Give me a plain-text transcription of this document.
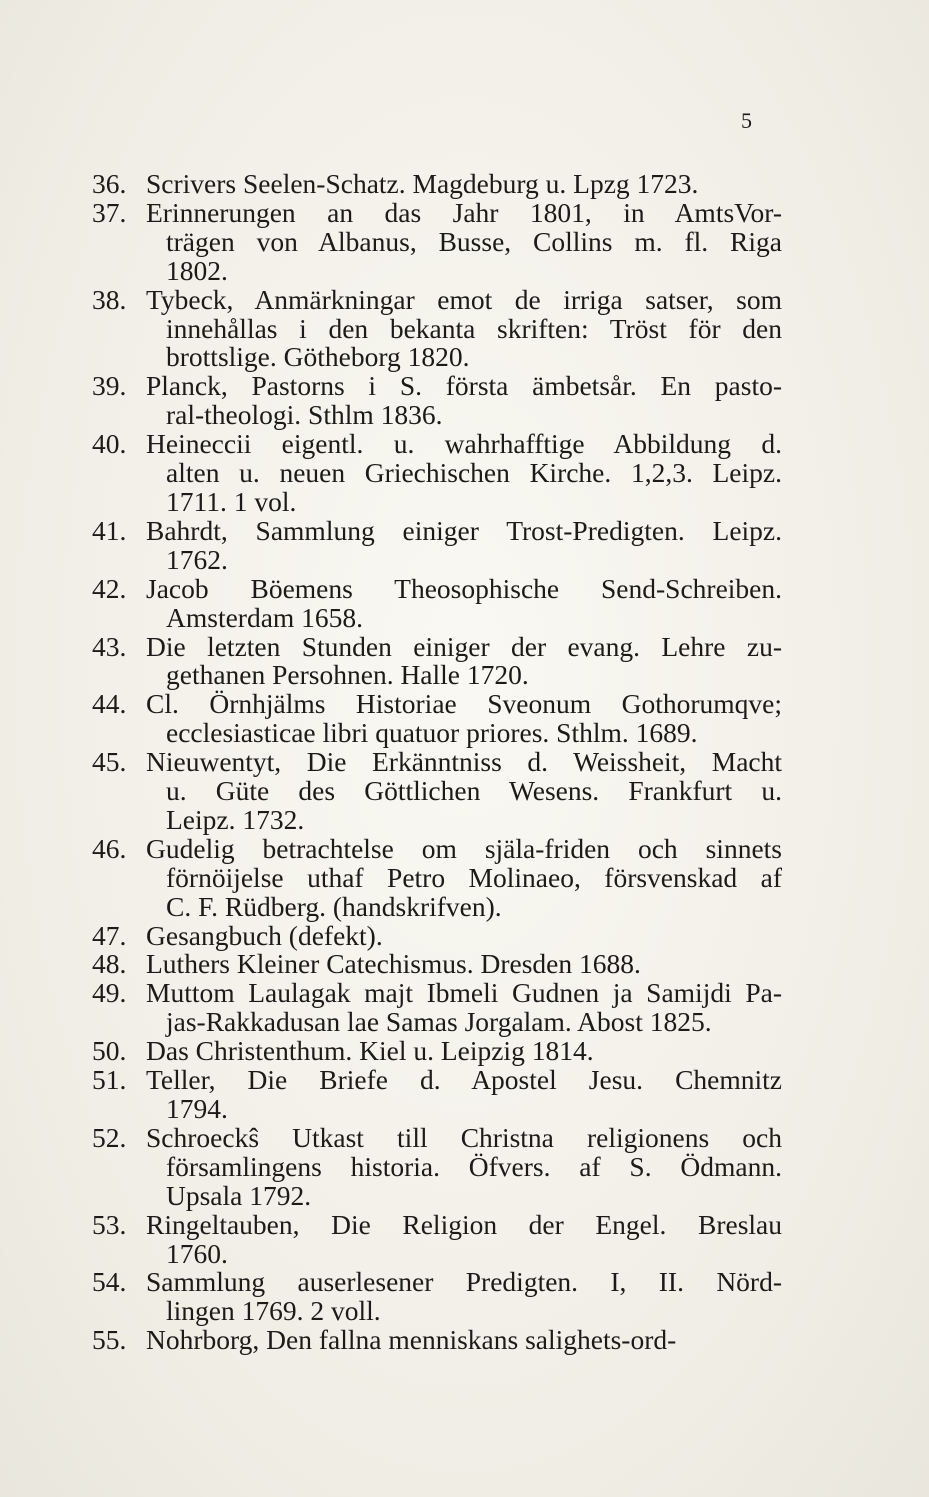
5
36. Scrivers Seelen-Schatz. Magdeburg u. Lpzg 1723.
37. Erinnerungen an das Jahr 1801, in AmtsVor-
trägen von Albanus, Busse, Collins m. fl. Riga
1802.
38. Tybeck, Anmärkningar emot de irriga satser, som
innehållas i den bekanta skriften: Tröst för den
brottslige. Götheborg 1820.
39. Planck, Pastorns i S. första ämbetsår. En pasto-
ral-theologi. Sthlm 1836.
40. Heineccii eigentl. u. wahrhafftige Abbildung d.
alten u. neuen Griechischen Kirche. 1,2,3. Leipz.
1711. 1 vol.
41. Bahrdt, Sammlung einiger Trost-Predigten. Leipz.
1762.
42. Jacob Böemens Theosophische Send-Schreiben.
Amsterdam 1658.
43. Die letzten Stunden einiger der evang. Lehre zu-
gethanen Persohnen. Halle 1720.
44. Cl. Örnhjälms Historiae Sveonum Gothorumqve;
ecclesiasticae libri quatuor priores. Sthlm. 1689.
45. Nieuwentyt, Die Erkänntniss d. Weissheit, Macht
u. Güte des Göttlichen Wesens. Frankfurt u.
Leipz. 1732.
46. Gudelig betrachtelse om själa-friden och sinnets
förnöijelse uthaf Petro Molinaeo, försvenskad af
C. F. Rüdberg. (handskrifven).
47. Gesangbuch (defekt).
48. Luthers Kleiner Catechismus. Dresden 1688.
49. Muttom Laulagak majt Ibmeli Gudnen ja Samijdi Pa-
jas-Rakkadusan lae Samas Jorgalam. Abost 1825.
50. Das Christenthum. Kiel u. Leipzig 1814.
51. Teller, Die Briefe d. Apostel Jesu. Chemnitz
1794.
52. Schroeckŝ Utkast till Christna religionens och
församlingens historia. Öfvers. af S. Ödmann.
Upsala 1792.
53. Ringeltauben, Die Religion der Engel. Breslau
1760.
54. Sammlung auserlesener Predigten. I, II. Nörd-
lingen 1769. 2 voll.
55. Nohrborg, Den fallna menniskans salighets-ord-
